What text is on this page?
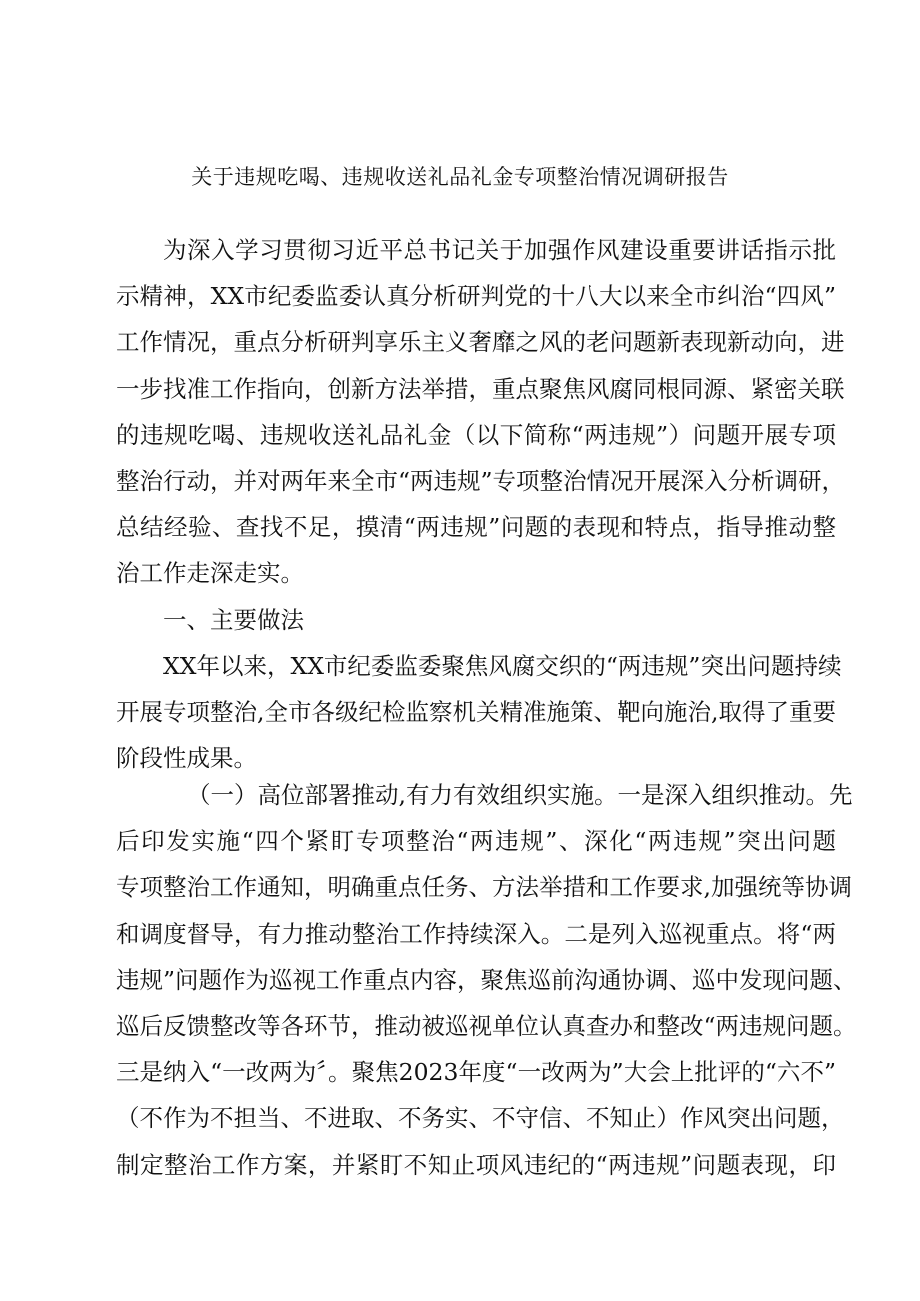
关于违规吃喝、违规收送礼品礼金专项整治情况调研报告
为深入学习贯彻习近平总书记关于加强作风建设重要讲话指示批
示精神，XX市纪委监委认真分析研判党的十八大以来全市纠治“四风”
工作情况，重点分析研判享乐主义奢靡之风的老问题新表现新动向，进
一步找准工作指向，创新方法举措，重点聚焦风腐同根同源、紧密关联
的违规吃喝、违规收送礼品礼金（以下简称“两违规”）问题开展专项
整治行动，并对两年来全市“两违规”专项整治情况开展深入分析调研，
总结经验、查找不足，摸清“两违规”问题的表现和特点，指导推动整
治工作走深走实。
一、主要做法
XX年以来，XX市纪委监委聚焦风腐交织的“两违规”突出问题持续
开展专项整治,全市各级纪检监察机关精准施策、靶向施治,取得了重要
阶段性成果。
（一）高位部署推动,有力有效组织实施。一是深入组织推动。先
后印发实施“四个紧盯专项整治“两违规”、深化“两违规”突出问题
专项整治工作通知，明确重点任务、方法举措和工作要求,加强统等协调
和调度督导，有力推动整治工作持续深入。二是列入巡视重点。将“两
违规”问题作为巡视工作重点内容，聚焦巡前沟通协调、巡中发现问题、
巡后反馈整改等各环节，推动被巡视单位认真查办和整改“两违规问题。
三是纳入“一改两为〞。聚焦2023年度“一改两为”大会上批评的“六不”
（不作为不担当、不进取、不务实、不守信、不知止）作风突出问题，
制定整治工作方案，并紧盯不知止项风违纪的“两违规”问题表现，印
